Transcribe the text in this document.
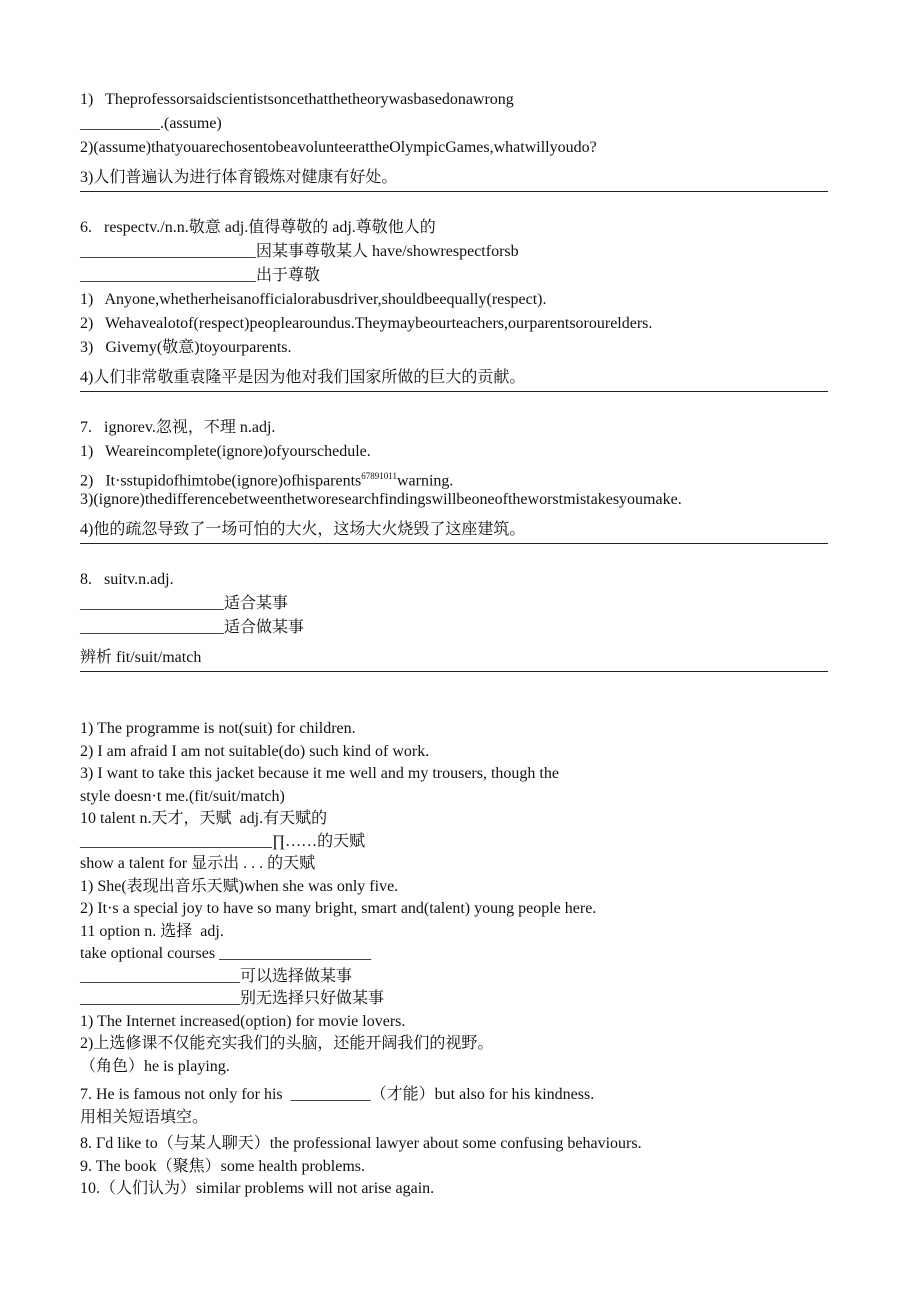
1)   Theprofessorsaidscientistsoncethatthetheorywasbasedonawrong
__________.(assume)
2)(assume)thatyouarechosentobeavolunteerattheOlympicGames,whatwillyoudo?
3)人们普遍认为进行体育锻炼对健康有好处。
6.   respectv./n.n.敬意 adj.值得尊敬的 adj.尊敬他人的
______________________因某事尊敬某人 have/showrespectforsb
______________________出于尊敬
1)   Anyone,whetherheisanofficialorabusdriver,shouldbeequally(respect).
2)   Wehavealotof(respect)peoplearoundus.Theymaybeourteachers,ourparentsorourelders.
3)   Givemy(敬意)toyourparents.
4)人们非常敬重袁隆平是因为他对我们国家所做的巨大的贡献。
7.   ignorev.忽视，不理 n.adj.
1)   Weareincomplete(ignore)ofyourschedule.
2)   It·sstupidofhimtobe(ignore)ofhisparents$^{67891011}$warning.
3)(ignore)thedifferencebetweenthetworesearchfindingswillbeoneoftheworstmistakesyoumake.
4)他的疏忽导致了一场可怕的大火，这场大火烧毁了这座建筑。
8.   suitv.n.adj.
__________________适合某事
__________________适合做某事
辨析 fit/suit/match
1) The programme is not(suit) for children.
2) I am afraid I am not suitable(do) such kind of work.
3) I want to take this jacket because it me well and my trousers, though the
style doesn·t me.(fit/suit/match)
10 talent n.天才，天赋  adj.有天赋的
________________________∏……的天赋
show a talent for 显示出 . . . 的天赋
1) She(表现出音乐天赋)when she was only five.
2) It·s a special joy to have so many bright, smart and(talent) young people here.
11 option n. 选择  adj.
take optional courses ___________________
____________________可以选择做某事
____________________别无选择只好做某事
1) The Internet increased(option) for movie lovers.
2)上选修课不仅能充实我们的头脑，还能开阔我们的视野。
（角色）he is playing.
7. He is famous not only for his  __________（才能）but also for his kindness.
用相关短语填空。
8. Γd like to（与某人聊天）the professional lawyer about some confusing behaviours.
9. The book（聚焦）some health problems.
10.（人们认为）similar problems will not arise again.
